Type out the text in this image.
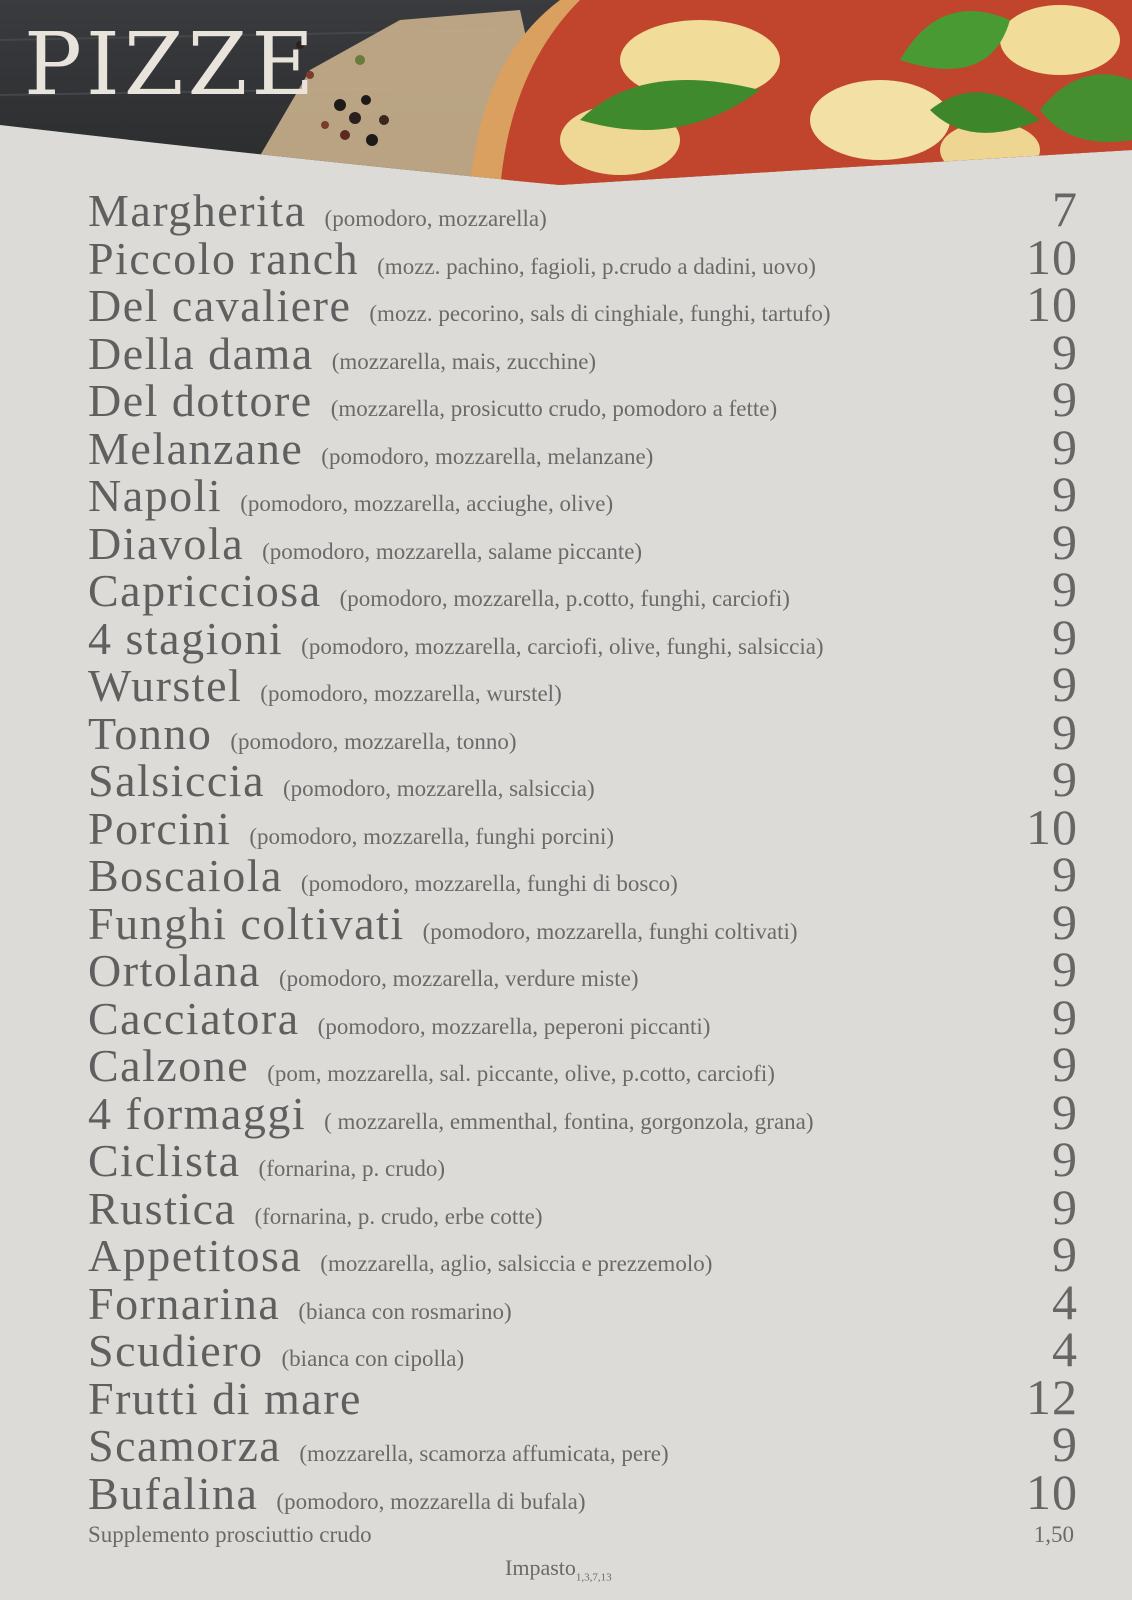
PIZZE
Margherita (pomodoro, mozzarella)	7
Piccolo ranch (mozz. pachino, fagioli, p.crudo a dadini, uovo)	10
Del cavaliere (mozz. pecorino, sals di cinghiale, funghi, tartufo)	10
Della dama (mozzarella, mais, zucchine)	9
Del dottore (mozzarella, prosicutto crudo, pomodoro a fette)	9
Melanzane (pomodoro, mozzarella, melanzane)	9
Napoli (pomodoro, mozzarella, acciughe, olive)	9
Diavola (pomodoro, mozzarella, salame piccante)	9
Capricciosa (pomodoro, mozzarella, p.cotto, funghi, carciofi)	9
4 stagioni (pomodoro, mozzarella, carciofi, olive, funghi, salsiccia)	9
Wurstel (pomodoro, mozzarella, wurstel)	9
Tonno (pomodoro, mozzarella, tonno)	9
Salsiccia (pomodoro, mozzarella, salsiccia)	9
Porcini (pomodoro, mozzarella, funghi porcini)	10
Boscaiola (pomodoro, mozzarella, funghi di bosco)	9
Funghi coltivati (pomodoro, mozzarella, funghi coltivati)	9
Ortolana (pomodoro, mozzarella, verdure miste)	9
Cacciatora (pomodoro, mozzarella, peperoni piccanti)	9
Calzone (pom, mozzarella, sal. piccante, olive, p.cotto, carciofi)	9
4 formaggi ( mozzarella, emmenthal, fontina, gorgonzola, grana)	9
Ciclista (fornarina, p. crudo)	9
Rustica (fornarina, p. crudo, erbe cotte)	9
Appetitosa (mozzarella, aglio, salsiccia e prezzemolo)	9
Fornarina (bianca con rosmarino)	4
Scudiero (bianca con cipolla)	4
Frutti di mare	12
Scamorza (mozzarella, scamorza affumicata, pere)	9
Bufalina (pomodoro, mozzarella di bufala)	10
Supplemento prosciuttio crudo	1,50
Impasto$_{1,3,7,13}$
